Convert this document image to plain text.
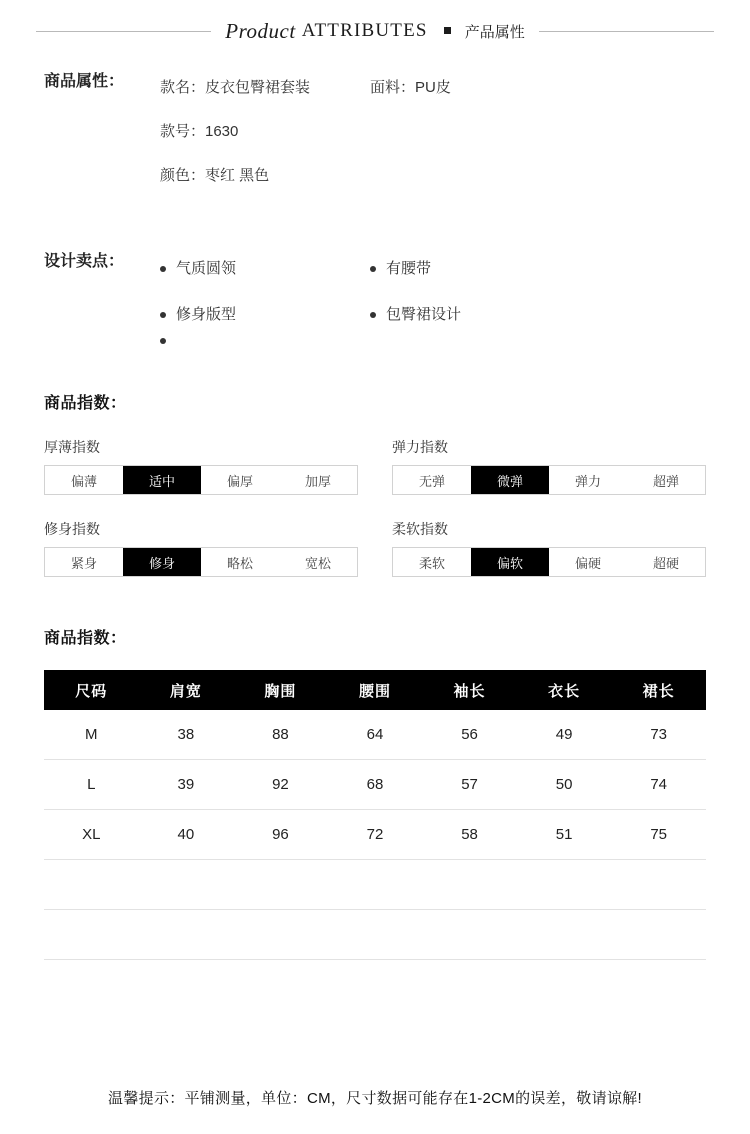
Product ATTRIBUTES 产品属性
商品属性：	款名：皮衣包臀裙套装	面料：PU皮
款号：1630
颜色：枣红 黑色
设计卖点：	气质圆领	有腰带
修身版型	包臀裙设计
商品指数：
厚薄指数
偏薄	适中	偏厚	加厚
修身指数
紧身	修身	略松	宽松
弹力指数
无弹	微弹	弹力	超弹
柔软指数
柔软	偏软	偏硬	超硬
商品指数：
尺码	肩宽	胸围	腰围	袖长	衣长	裙长
M	38	88	64	56	49	73
L	39	92	68	57	50	74
XL	40	96	72	58	51	75

温馨提示：平铺测量，单位：CM，尺寸数据可能存在1-2CM的误差，敬请谅解!
